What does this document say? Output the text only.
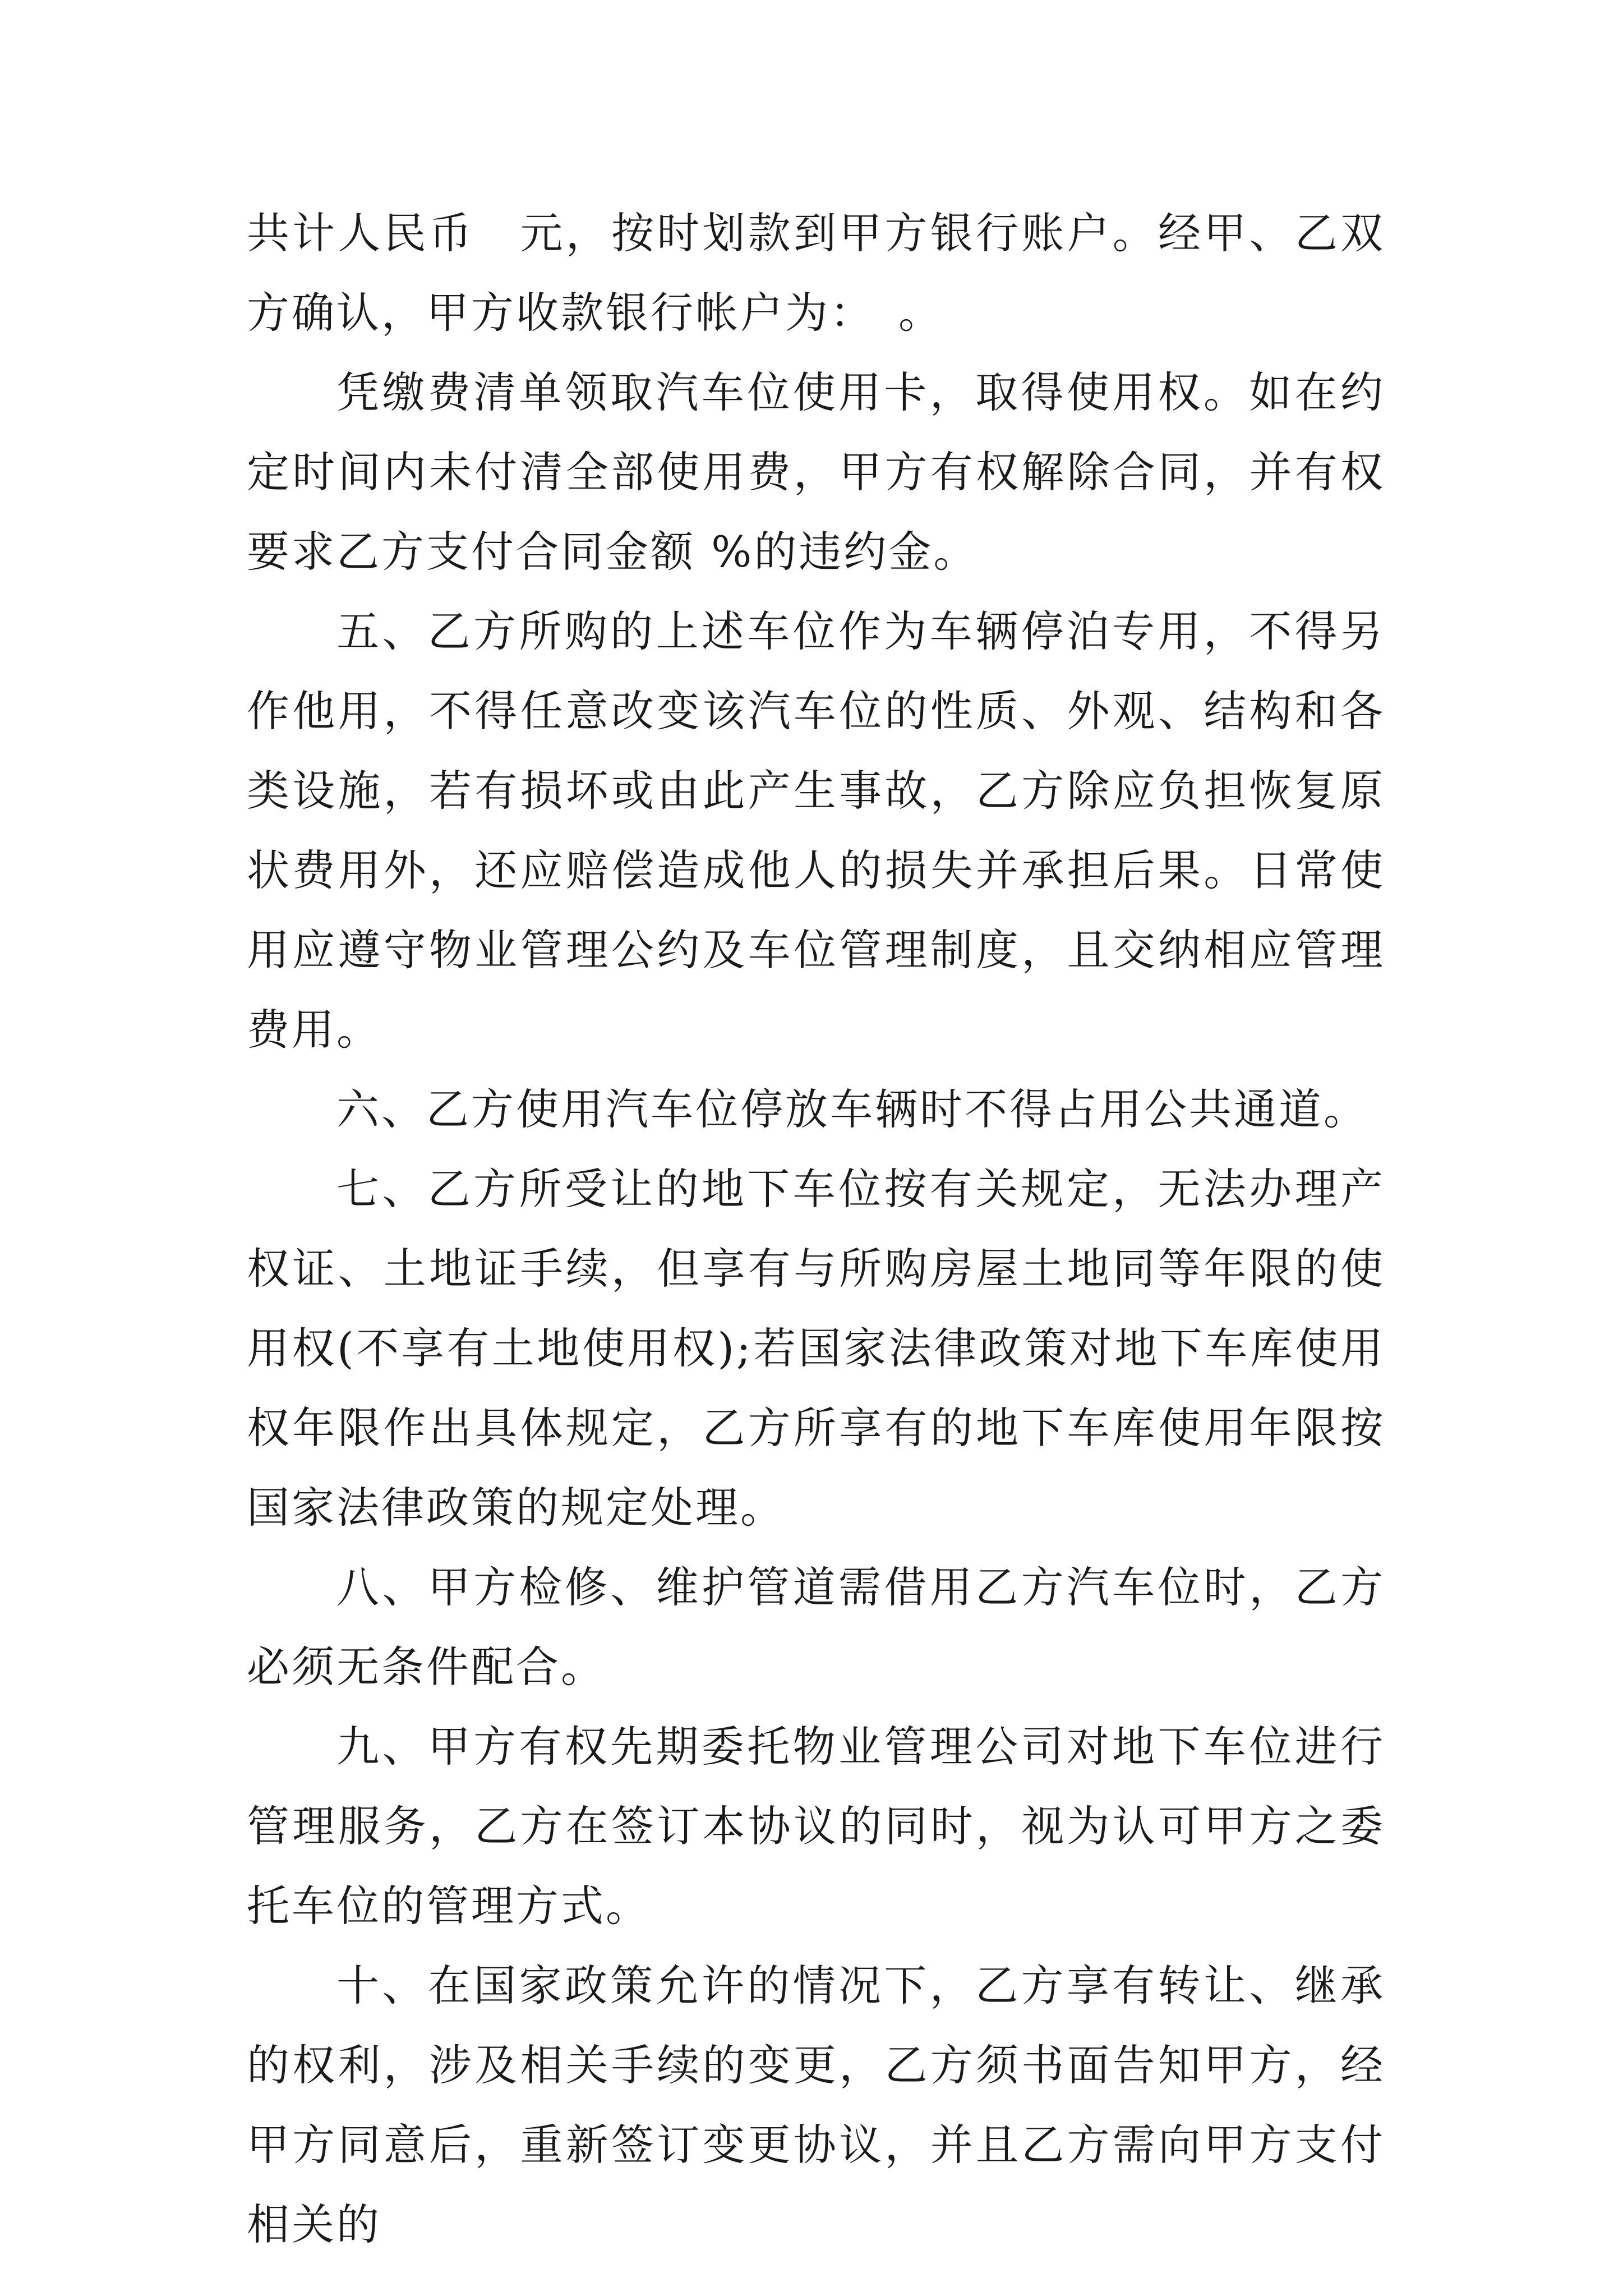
共计人民币　元，按时划款到甲方银行账户。经甲、乙双方确认，甲方收款银行帐户为：　。

凭缴费清单领取汽车位使用卡，取得使用权。如在约定时间内未付清全部使用费，甲方有权解除合同，并有权要求乙方支付合同金额 %的违约金。

五、乙方所购的上述车位作为车辆停泊专用，不得另作他用，不得任意改变该汽车位的性质、外观、结构和各类设施，若有损坏或由此产生事故，乙方除应负担恢复原状费用外，还应赔偿造成他人的损失并承担后果。日常使用应遵守物业管理公约及车位管理制度，且交纳相应管理费用。

六、乙方使用汽车位停放车辆时不得占用公共通道。

七、乙方所受让的地下车位按有关规定，无法办理产权证、土地证手续，但享有与所购房屋土地同等年限的使用权(不享有土地使用权);若国家法律政策对地下车库使用权年限作出具体规定，乙方所享有的地下车库使用年限按国家法律政策的规定处理。

八、甲方检修、维护管道需借用乙方汽车位时，乙方必须无条件配合。

九、甲方有权先期委托物业管理公司对地下车位进行管理服务，乙方在签订本协议的同时，视为认可甲方之委托车位的管理方式。

十、在国家政策允许的情况下，乙方享有转让、继承的权利，涉及相关手续的变更，乙方须书面告知甲方，经甲方同意后，重新签订变更协议，并且乙方需向甲方支付相关的
